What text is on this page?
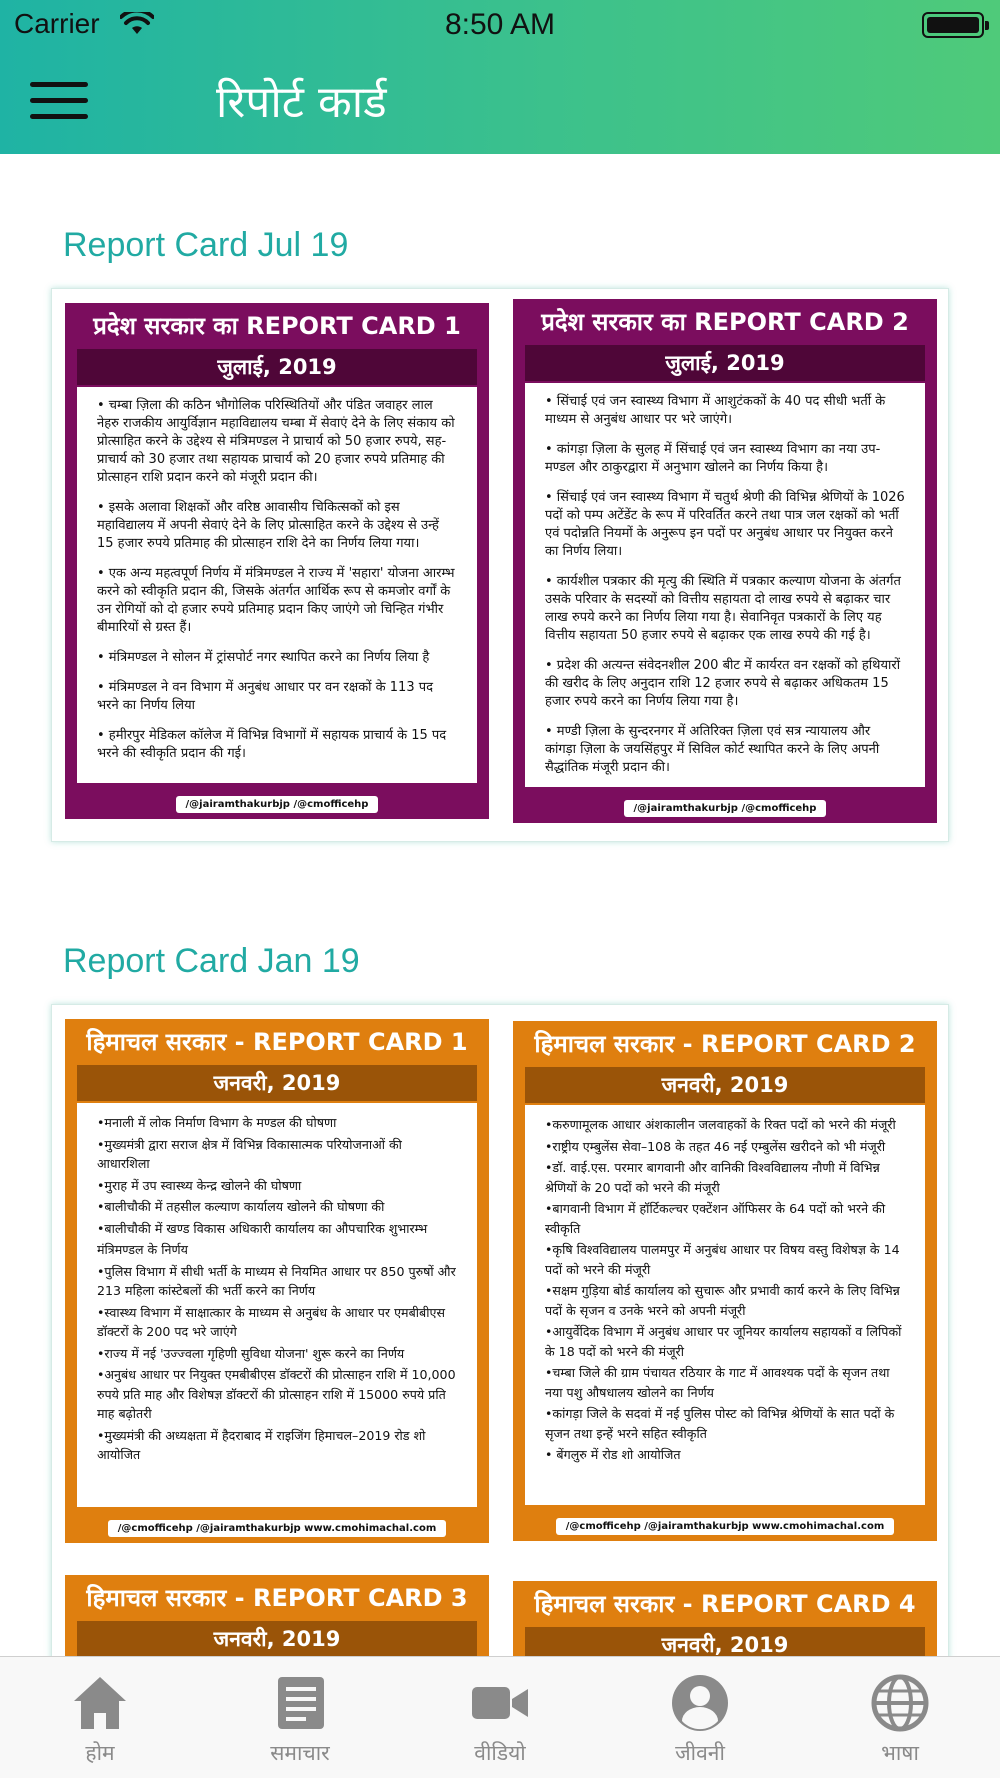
Carrier	8:50 AM
रिपोर्ट कार्ड
Report Card Jul 19
प्रदेश सरकार का REPORT CARD 1
जुलाई, 2019

• चम्बा ज़िला की कठिन भौगोलिक परिस्थितियों और पंडित जवाहर लाल नेहरु राजकीय आयुर्विज्ञान महाविद्यालय चम्बा में सेवाएं देने के लिए संकाय को प्रोत्साहित करने के उद्देश्य से मंत्रिमण्डल ने प्राचार्य को 50 हजार रुपये, सह-प्राचार्य को 30 हजार तथा सहायक प्राचार्य को 20 हजार रुपये प्रतिमाह की प्रोत्साहन राशि प्रदान करने को मंजूरी प्रदान की।

• इसके अलावा शिक्षकों और वरिष्ठ आवासीय चिकित्सकों को इस महाविद्यालय में अपनी सेवाएं देने के लिए प्रोत्साहित करने के उद्देश्य से उन्हें 15 हजार रुपये प्रतिमाह की प्रोत्साहन राशि देने का निर्णय लिया गया।

• एक अन्य महत्वपूर्ण निर्णय में मंत्रिमण्डल ने राज्य में 'सहारा' योजना आरम्भ करने को स्वीकृति प्रदान की, जिसके अंतर्गत आर्थिक रूप से कमजोर वर्गों के उन रोगियों को दो हजार रुपये प्रतिमाह प्रदान किए जाएंगे जो चिन्हित गंभीर बीमारियों से ग्रस्त हैं।

• मंत्रिमण्डल ने सोलन में ट्रांसपोर्ट नगर स्थापित करने का निर्णय लिया है

• मंत्रिमण्डल ने वन विभाग में अनुबंध आधार पर वन रक्षकों के 113 पद भरने का निर्णय लिया

• हमीरपुर मेडिकल कॉलेज में विभिन्न विभागों में सहायक प्राचार्य के 15 पद भरने की स्वीकृति प्रदान की गई।

/@jairamthakurbjp /@cmofficehp
प्रदेश सरकार का REPORT CARD 2
जुलाई, 2019

• सिंचाई एवं जन स्वास्थ्य विभाग में आशुटंककों के 40 पद सीधी भर्ती के माध्यम से अनुबंध आधार पर भरे जाएंगे।

• कांगड़ा ज़िला के सुलह में सिंचाई एवं जन स्वास्थ्य विभाग का नया उप-मण्डल और ठाकुरद्वारा में अनुभाग खोलने का निर्णय किया है।

• सिंचाई एवं जन स्वास्थ्य विभाग में चतुर्थ श्रेणी की विभिन्न श्रेणियों के 1026 पदों को पम्प अटेंडेंट के रूप में परिवर्तित करने तथा पात्र जल रक्षकों को भर्ती एवं पदोन्नति नियमों के अनुरूप इन पदों पर अनुबंध आधार पर नियुक्त करने का निर्णय लिया।

• कार्यशील पत्रकार की मृत्यु की स्थिति में पत्रकार कल्याण योजना के अंतर्गत उसके परिवार के सदस्यों को वित्तीय सहायता दो लाख रुपये से बढ़ाकर चार लाख रुपये करने का निर्णय लिया गया है। सेवानिवृत पत्रकारों के लिए यह वित्तीय सहायता 50 हजार रुपये से बढ़ाकर एक लाख रुपये की गई है।

• प्रदेश की अत्यन्त संवेदनशील 200 बीट में कार्यरत वन रक्षकों को हथियारों की खरीद के लिए अनुदान राशि 12 हजार रुपये से बढ़ाकर अधिकतम 15 हजार रुपये करने का निर्णय लिया गया है।

• मण्डी ज़िला के सुन्दरनगर में अतिरिक्त ज़िला एवं सत्र न्यायालय और कांगड़ा ज़िला के जयसिंहपुर में सिविल कोर्ट स्थापित करने के लिए अपनी सैद्धांतिक मंजूरी प्रदान की।

/@jairamthakurbjp /@cmofficehp
Report Card Jan 19
हिमाचल सरकार - REPORT CARD 1
जनवरी, 2019

•मनाली में लोक निर्माण विभाग के मण्डल की घोषणा

•मुख्यमंत्री द्वारा सराज क्षेत्र में विभिन्न विकासात्मक परियोजनाओं की आधारशिला

•मुराह में उप स्वास्थ्य केन्द्र खोलने की घोषणा

•बालीचौकी में तहसील कल्याण कार्यालय खोलने की घोषणा की

•बालीचौकी में खण्ड विकास अधिकारी कार्यालय का औपचारिक शुभारम्भ

मंत्रिमण्डल के निर्णय

•पुलिस विभाग में सीधी भर्ती के माध्यम से नियमित आधार पर 850 पुरुषों और 213 महिला कांस्टेबलों की भर्ती करने का निर्णय

•स्वास्थ्य विभाग में साक्षात्कार के माध्यम से अनुबंध के आधार पर एमबीबीएस डॉक्टरों के 200 पद भरे जाएंगे

•राज्य में नई 'उज्ज्वला गृहिणी सुविधा योजना' शुरू करने का निर्णय

•अनुबंध आधार पर नियुक्त एमबीबीएस डॉक्टरों की प्रोत्साहन राशि में 10,000 रुपये प्रति माह और विशेषज्ञ डॉक्टरों की प्रोत्साहन राशि में 15000 रुपये प्रति माह बढ़ोतरी

•मुख्यमंत्री की अध्यक्षता में हैदराबाद में राइजिंग हिमाचल–2019 रोड शो आयोजित

/@cmofficehp /@jairamthakurbjp www.cmohimachal.com
हिमाचल सरकार - REPORT CARD 2
जनवरी, 2019

•करुणामूलक आधार अंशकालीन जलवाहकों के रिक्त पदों को भरने की मंजूरी

•राष्ट्रीय एम्बुलेंस सेवा–108 के तहत 46 नई एम्बुलेंस खरीदने को भी मंजूरी

•डॉ. वाई.एस. परमार बागवानी और वानिकी विश्वविद्यालय नौणी में विभिन्न श्रेणियों के 20 पदों को भरने की मंजूरी

•बागवानी विभाग में हॉर्टिकल्चर एक्टेंशन ऑफिसर के 64 पदों को भरने की स्वीकृति

•कृषि विश्वविद्यालय पालमपुर में अनुबंध आधार पर विषय वस्तु विशेषज्ञ के 14 पदों को भरने की मंजूरी

•सक्षम गुड़िया बोर्ड कार्यालय को सुचारू और प्रभावी कार्य करने के लिए विभिन्न पदों के सृजन व उनके भरने को अपनी मंजूरी

•आयुर्वेदिक विभाग में अनुबंध आधार पर जूनियर कार्यालय सहायकों व लिपिकों के 18 पदों को भरने की मंजूरी

•चम्बा जिले की ग्राम पंचायत रठियार के गाट में आवश्यक पदों के सृजन तथा नया पशु औषधालय खोलने का निर्णय

•कांगड़ा जिले के सदवां में नई पुलिस पोस्ट को विभिन्न श्रेणियों के सात पदों के सृजन तथा इन्हें भरने सहित स्वीकृति

• बेंगलुरु में रोड शो आयोजित

/@cmofficehp /@jairamthakurbjp www.cmohimachal.com
हिमाचल सरकार - REPORT CARD 3
जनवरी, 2019
हिमाचल सरकार - REPORT CARD 4
जनवरी, 2019
होम	समाचार	वीडियो	जीवनी	भाषा
